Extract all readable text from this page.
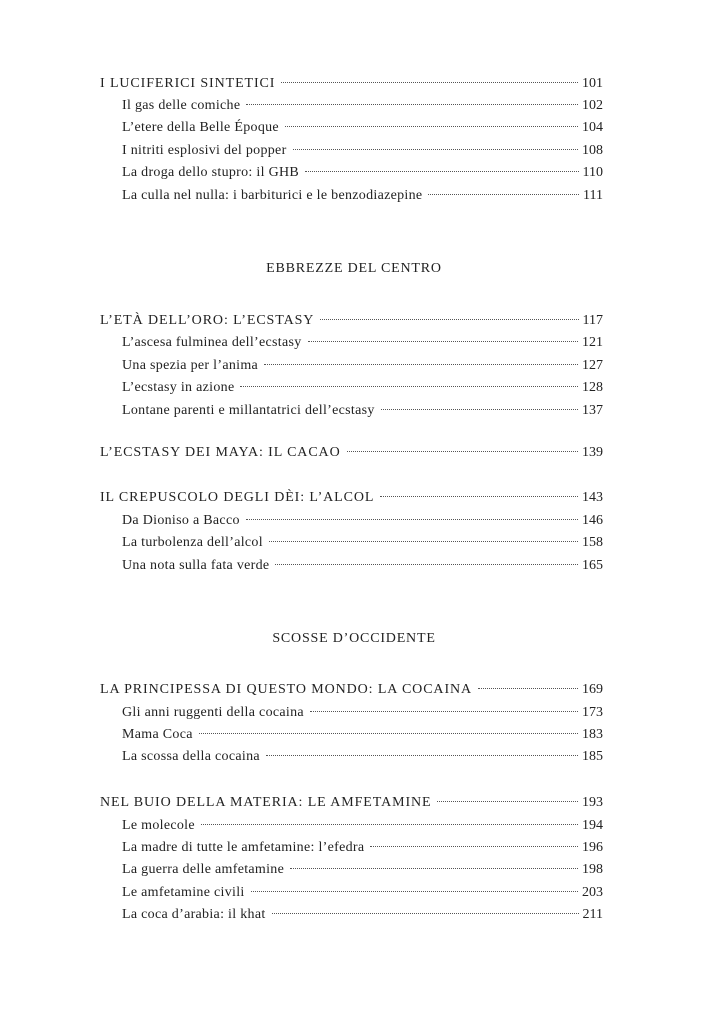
I LUCIFERICI SINTETICI	101
Il gas delle comiche	102
L’etere della Belle Époque	104
I nitriti esplosivi del popper	108
La droga dello stupro: il GHB	110
La culla nel nulla: i barbiturici e le benzodiazepine	111
EBBREZZE DEL CENTRO
L’ETÀ DELL’ORO: L’ECSTASY	117
L’ascesa fulminea dell’ecstasy	121
Una spezia per l’anima	127
L’ecstasy in azione	128
Lontane parenti e millantatrici dell’ecstasy	137
L’ECSTASY DEI MAYA: IL CACAO	139
IL CREPUSCOLO DEGLI DÈI: L’ALCOL	143
Da Dioniso a Bacco	146
La turbolenza dell’alcol	158
Una nota sulla fata verde	165
SCOSSE D’OCCIDENTE
LA PRINCIPESSA DI QUESTO MONDO: LA COCAINA	169
Gli anni ruggenti della cocaina	173
Mama Coca	183
La scossa della cocaina	185
NEL BUIO DELLA MATERIA: LE AMFETAMINE	193
Le molecole	194
La madre di tutte le amfetamine: l’efedra	196
La guerra delle amfetamine	198
Le amfetamine civili	203
La coca d’arabia: il khat	211
